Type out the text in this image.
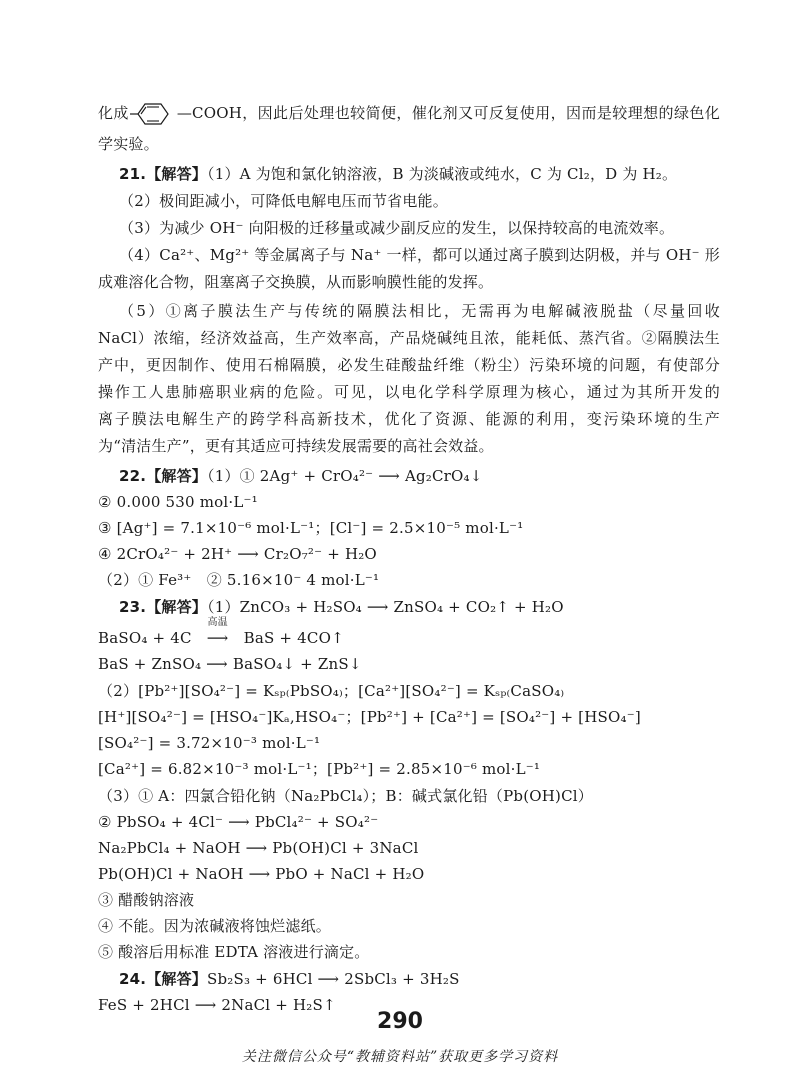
化成	—COOH，因此后处理也较简便，催化剂又可反复使用，因而是较理想的绿色化
学实验。
21.【解答】（1）A 为饱和氯化钠溶液，B 为淡碱液或纯水，C 为 Cl₂，D 为 H₂。
（2）极间距减小，可降低电解电压而节省电能。
（3）为减少 OH⁻ 向阳极的迁移量或减少副反应的发生，以保持较高的电流效率。
（4）Ca²⁺、Mg²⁺ 等金属离子与 Na⁺ 一样，都可以通过离子膜到达阴极，并与 OH⁻ 形
成难溶化合物，阻塞离子交换膜，从而影响膜性能的发挥。
（5）①离子膜法生产与传统的隔膜法相比，无需再为电解碱液脱盐（尽量回收
NaCl）浓缩，经济效益高，生产效率高，产品烧碱纯且浓，能耗低、蒸汽省。②隔膜法生
产中，更因制作、使用石棉隔膜，必发生硅酸盐纤维（粉尘）污染环境的问题，有使部分
操作工人患肺癌职业病的危险。可见，以电化学科学原理为核心，通过为其所开发的
离子膜法电解生产的跨学科高新技术，优化了资源、能源的利用，变污染环境的生产
为“清洁生产”，更有其适应可持续发展需要的高社会效益。
22.【解答】（1）① 2Ag⁺ + CrO₄²⁻ ⟶ Ag₂CrO₄↓
② 0.000 530 mol·L⁻¹
③ [Ag⁺] = 7.1×10⁻⁶ mol·L⁻¹；[Cl⁻] = 2.5×10⁻⁵ mol·L⁻¹
④ 2CrO₄²⁻ + 2H⁺ ⟶ Cr₂O₇²⁻ + H₂O
（2）① Fe³⁺　② 5.16×10⁻ 4 mol·L⁻¹
23.【解答】（1）ZnCO₃ + H₂SO₄ ⟶ ZnSO₄ + CO₂↑ + H₂O
BaSO₄ + 4C
高温
⟶ BaS + 4CO↑
BaS + ZnSO₄ ⟶ BaSO₄↓ + ZnS↓
（2）[Pb²⁺][SO₄²⁻] = Kₛₚ₍PbSO₄₎；[Ca²⁺][SO₄²⁻] = Kₛₚ₍CaSO₄₎
[H⁺][SO₄²⁻] = [HSO₄⁻]Kₐ,HSO₄⁻；[Pb²⁺] + [Ca²⁺] = [SO₄²⁻] + [HSO₄⁻]
[SO₄²⁻] = 3.72×10⁻³ mol·L⁻¹
[Ca²⁺] = 6.82×10⁻³ mol·L⁻¹；[Pb²⁺] = 2.85×10⁻⁶ mol·L⁻¹
（3）① A：四氯合铅化钠（Na₂PbCl₄）；B：碱式氯化铅（Pb(OH)Cl）
② PbSO₄ + 4Cl⁻ ⟶ PbCl₄²⁻ + SO₄²⁻
Na₂PbCl₄ + NaOH ⟶ Pb(OH)Cl + 3NaCl
Pb(OH)Cl + NaOH ⟶ PbO + NaCl + H₂O
③ 醋酸钠溶液
④ 不能。因为浓碱液将蚀烂滤纸。
⑤ 酸溶后用标准 EDTA 溶液进行滴定。
24.【解答】Sb₂S₃ + 6HCl ⟶ 2SbCl₃ + 3H₂S
FeS + 2HCl ⟶ 2NaCl + H₂S↑
290
关注微信公众号“教辅资料站”获取更多学习资料
